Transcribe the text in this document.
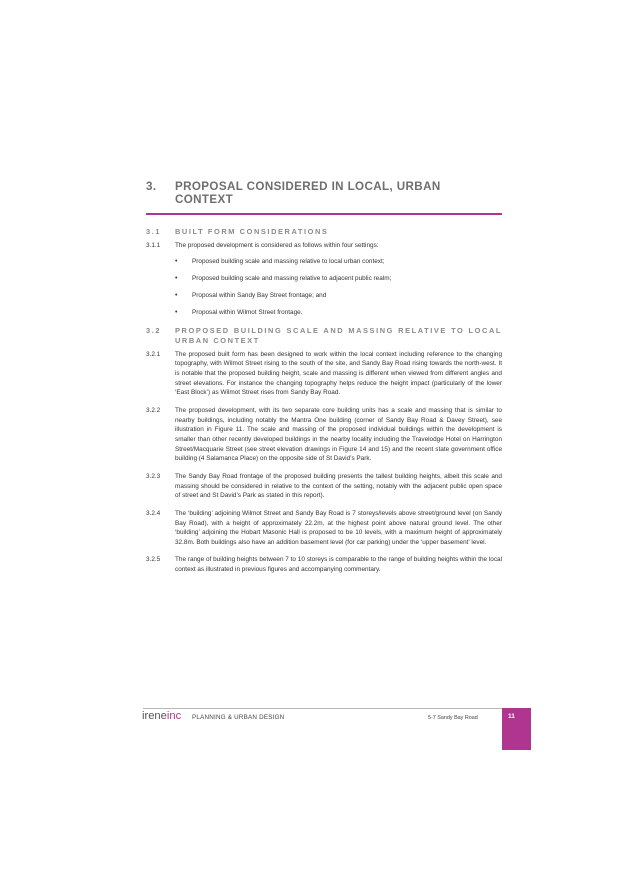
3.	PROPOSAL CONSIDERED IN LOCAL, URBAN CONTEXT
3.1	BUILT FORM CONSIDERATIONS
3.1.1	The proposed development is considered as follows within four settings:
• Proposed building scale and massing relative to local urban context;
• Proposed building scale and massing relative to adjacent public realm;
• Proposal within Sandy Bay Street frontage; and
• Proposal within Wilmot Street frontage.
3.2	PROPOSED BUILDING SCALE AND MASSING RELATIVE TO LOCAL URBAN CONTEXT
3.2.1	The proposed built form has been designed to work within the local context including reference to the changing topography, with Wilmot Street rising to the south of the site, and Sandy Bay Road rising towards the north-west. It is notable that the proposed building height, scale and massing is different when viewed from different angles and street elevations. For instance the changing topography helps reduce the height impact (particularly of the lower ‘East Block’) as Wilmot Street rises from Sandy Bay Road.
3.2.2	The proposed development, with its two separate core building units has a scale and massing that is similar to nearby buildings, including notably the Mantra One building (corner of Sandy Bay Road & Davey Street), see illustration in Figure 11. The scale and massing of the proposed individual buildings within the development is smaller than other recently developed buildings in the nearby locality including the Travelodge Hotel on Harrington Street/Macquarie Street (see street elevation drawings in Figure 14 and 15) and the recent state government office building (4 Salamanca Place) on the opposite side of St David’s Park.
3.2.3	The Sandy Bay Road frontage of the proposed building presents the tallest building heights, albeit this scale and massing should be considered in relative to the context of the setting, notably with the adjacent public open space of street and St David’s Park as stated in this report).
3.2.4	The ‘building’ adjoining Wilmot Street and Sandy Bay Road is 7 storeys/levels above street/ground level (on Sandy Bay Road), with a height of approximately 22.2m, at the highest point above natural ground level. The other ‘building’ adjoining the Hobart Masonic Hall is proposed to be 10 levels, with a maximum height of approximately 32.8m. Both buildings also have an addition basement level (for car parking) under the ‘upper basement’ level.
3.2.5	The range of building heights between 7 to 10 storeys is comparable to the range of building heights within the local context as illustrated in previous figures and accompanying commentary.
ireneinc PLANNING & URBAN DESIGN	5-7 Sandy Bay Road	11
